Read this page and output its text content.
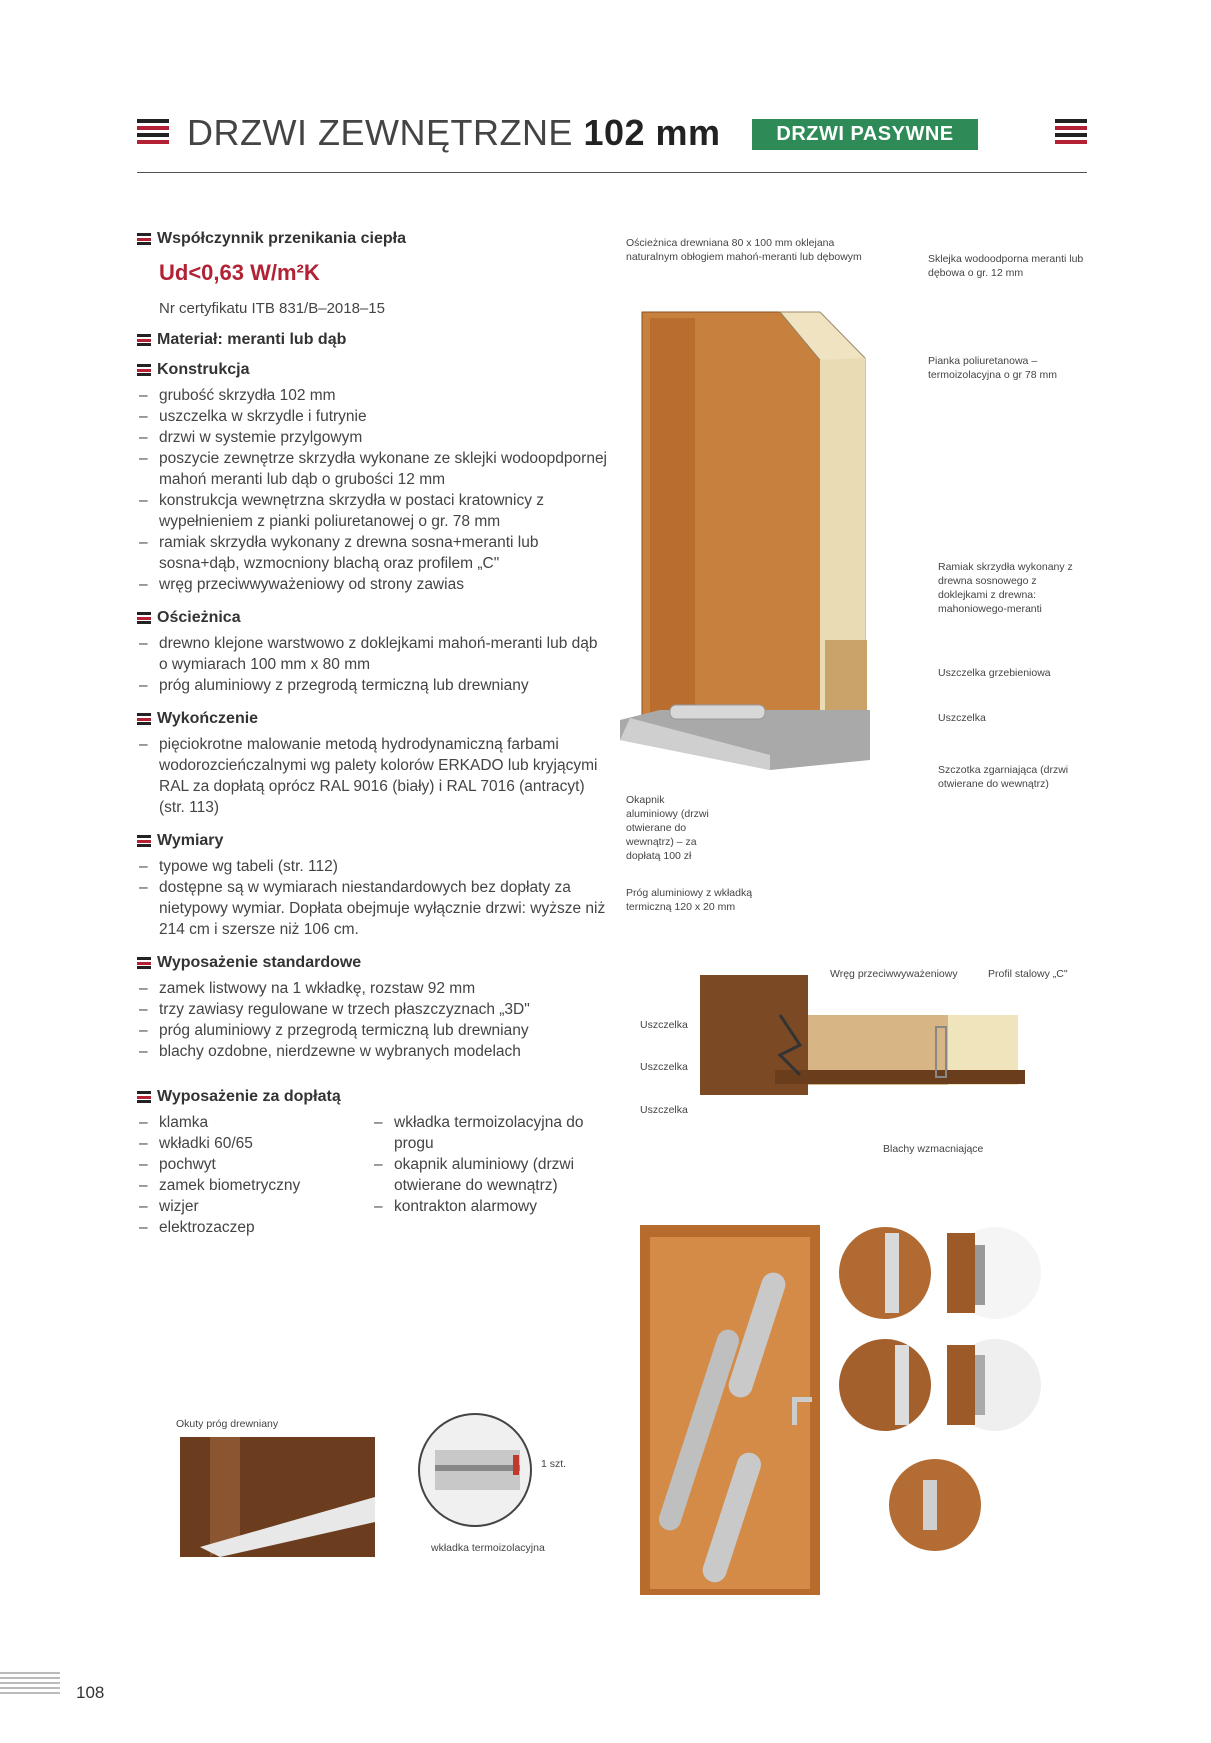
DRZWI ZEWNĘTRZNE 102 mm	DRZWI PASYWNE
Współczynnik przenikania ciepła
Ud<0,63 W/m²K
Nr certyfikatu ITB 831/B–2018–15
Materiał: meranti lub dąb
Konstrukcja
– grubość skrzydła 102 mm
– uszczelka w skrzydle i futrynie
– drzwi w systemie przylgowym
– poszycie zewnętrze skrzydła wykonane ze sklejki wodoopdpornej mahoń meranti lub dąb o grubości 12 mm
– konstrukcja wewnętrzna skrzydła w postaci kratownicy z wypełnieniem z pianki poliuretanowej o gr. 78 mm
– ramiak skrzydła wykonany z drewna sosna+meranti lub sosna+dąb, wzmocniony blachą oraz profilem „C"
– wręg przeciwwyważeniowy od strony zawias
Ościeżnica
– drewno klejone warstwowo z doklejkami mahoń-meranti lub dąb o wymiarach 100 mm x 80 mm
– próg aluminiowy z przegrodą termiczną lub drewniany
Wykończenie
– pięciokrotne malowanie metodą hydrodynamiczną farbami wodorozcieńczalnymi wg palety kolorów ERKADO lub kryjącymi RAL za dopłatą oprócz RAL 9016 (biały) i RAL 7016 (antracyt) (str. 113)
Wymiary
– typowe wg tabeli (str. 112)
– dostępne są w wymiarach niestandardowych bez dopłaty za nietypowy wymiar. Dopłata obejmuje wyłącznie drzwi: wyższe niż 214 cm i szersze niż 106 cm.
Wyposażenie standardowe
– zamek listwowy na 1 wkładkę, rozstaw 92 mm
– trzy zawiasy regulowane w trzech płaszczyznach „3D"
– próg aluminiowy z przegrodą termiczną lub drewniany
– blachy ozdobne, nierdzewne w wybranych modelach
Wyposażenie za dopłatą
– klamka
– wkładki 60/65
– pochwyt
– zamek biometryczny
– wizjer
– elektrozaczep
– wkładka termoizolacyjna do progu
– okapnik aluminiowy (drzwi otwierane do wewnątrz)
– kontrakton alarmowy
Ościeżnica drewniana 80 x 100 mm oklejana naturalnym obłogiem mahoń-meranti lub dębowym	Sklejka wodoodporna meranti lub dębowa o gr. 12 mm
Pianka poliuretanowa – termoizolacyjna o gr 78 mm
Ramiak skrzydła wykonany z drewna sosnowego z doklejkami z drewna: mahoniowego-meranti
Uszczelka grzebieniowa
Uszczelka
Szczotka zgarniająca (drzwi otwierane do wewnątrz)
Okapnik aluminiowy (drzwi otwierane do wewnątrz) – za dopłatą 100 zł
Próg aluminiowy z wkładką termiczną 120 x 20 mm
Wręg przeciwwyważeniowy	Profil stalowy „C"
Uszczelka
Uszczelka
Uszczelka
Blachy wzmacniające
Okuty próg drewniany
1 szt.
wkładka termoizolacyjna
108
